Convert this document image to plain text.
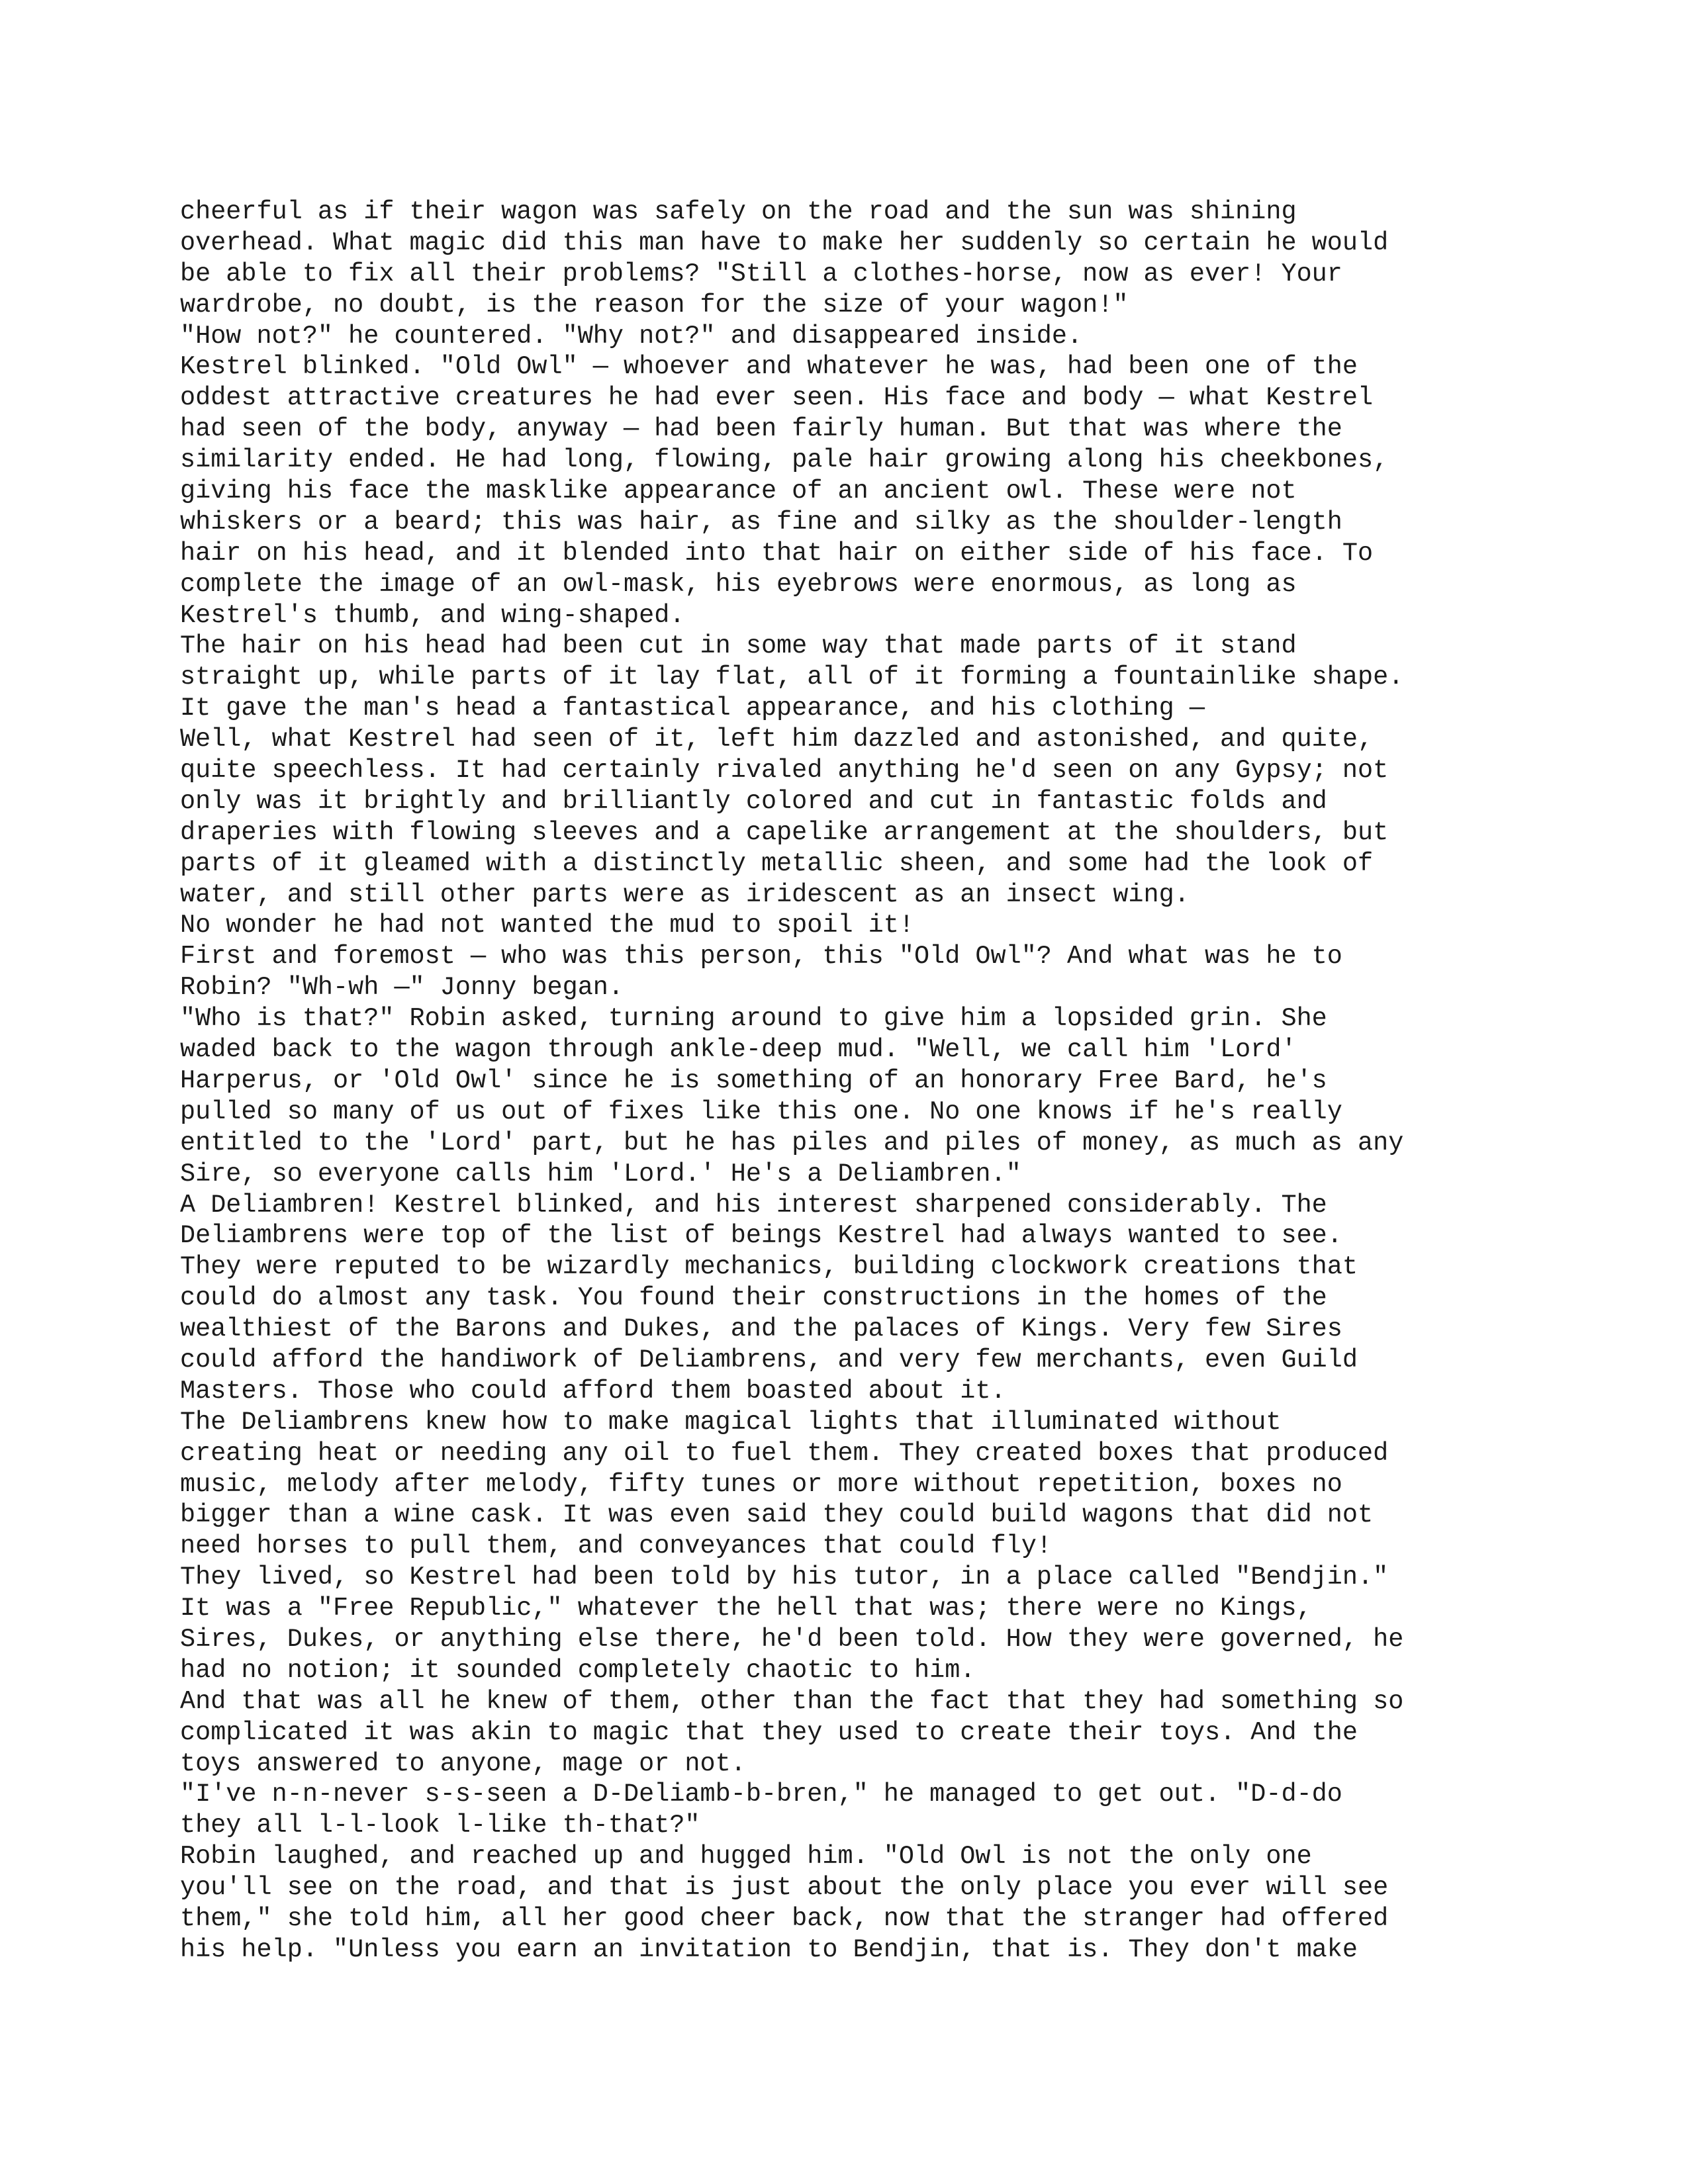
cheerful as if their wagon was safely on the road and the sun was shining
overhead. What magic did this man have to make her suddenly so certain he would
be able to fix all their problems? "Still a clothes-horse, now as ever! Your
wardrobe, no doubt, is the reason for the size of your wagon!"
"How not?" he countered. "Why not?" and disappeared inside.
Kestrel blinked. "Old Owl" — whoever and whatever he was, had been one of the
oddest attractive creatures he had ever seen. His face and body — what Kestrel
had seen of the body, anyway — had been fairly human. But that was where the
similarity ended. He had long, flowing, pale hair growing along his cheekbones,
giving his face the masklike appearance of an ancient owl. These were not
whiskers or a beard; this was hair, as fine and silky as the shoulder-length
hair on his head, and it blended into that hair on either side of his face. To
complete the image of an owl-mask, his eyebrows were enormous, as long as
Kestrel's thumb, and wing-shaped.
The hair on his head had been cut in some way that made parts of it stand
straight up, while parts of it lay flat, all of it forming a fountainlike shape.
It gave the man's head a fantastical appearance, and his clothing —
Well, what Kestrel had seen of it, left him dazzled and astonished, and quite,
quite speechless. It had certainly rivaled anything he'd seen on any Gypsy; not
only was it brightly and brilliantly colored and cut in fantastic folds and
draperies with flowing sleeves and a capelike arrangement at the shoulders, but
parts of it gleamed with a distinctly metallic sheen, and some had the look of
water, and still other parts were as iridescent as an insect wing.
No wonder he had not wanted the mud to spoil it!
First and foremost — who was this person, this "Old Owl"? And what was he to
Robin? "Wh-wh —" Jonny began.
"Who is that?" Robin asked, turning around to give him a lopsided grin. She
waded back to the wagon through ankle-deep mud. "Well, we call him 'Lord'
Harperus, or 'Old Owl' since he is something of an honorary Free Bard, he's
pulled so many of us out of fixes like this one. No one knows if he's really
entitled to the 'Lord' part, but he has piles and piles of money, as much as any
Sire, so everyone calls him 'Lord.' He's a Deliambren."
A Deliambren! Kestrel blinked, and his interest sharpened considerably. The
Deliambrens were top of the list of beings Kestrel had always wanted to see.
They were reputed to be wizardly mechanics, building clockwork creations that
could do almost any task. You found their constructions in the homes of the
wealthiest of the Barons and Dukes, and the palaces of Kings. Very few Sires
could afford the handiwork of Deliambrens, and very few merchants, even Guild
Masters. Those who could afford them boasted about it.
The Deliambrens knew how to make magical lights that illuminated without
creating heat or needing any oil to fuel them. They created boxes that produced
music, melody after melody, fifty tunes or more without repetition, boxes no
bigger than a wine cask. It was even said they could build wagons that did not
need horses to pull them, and conveyances that could fly!
They lived, so Kestrel had been told by his tutor, in a place called "Bendjin."
It was a "Free Republic," whatever the hell that was; there were no Kings,
Sires, Dukes, or anything else there, he'd been told. How they were governed, he
had no notion; it sounded completely chaotic to him.
And that was all he knew of them, other than the fact that they had something so
complicated it was akin to magic that they used to create their toys. And the
toys answered to anyone, mage or not.
"I've n-n-never s-s-seen a D-Deliamb-b-bren," he managed to get out. "D-d-do
they all l-l-look l-like th-that?"
Robin laughed, and reached up and hugged him. "Old Owl is not the only one
you'll see on the road, and that is just about the only place you ever will see
them," she told him, all her good cheer back, now that the stranger had offered
his help. "Unless you earn an invitation to Bendjin, that is. They don't make
